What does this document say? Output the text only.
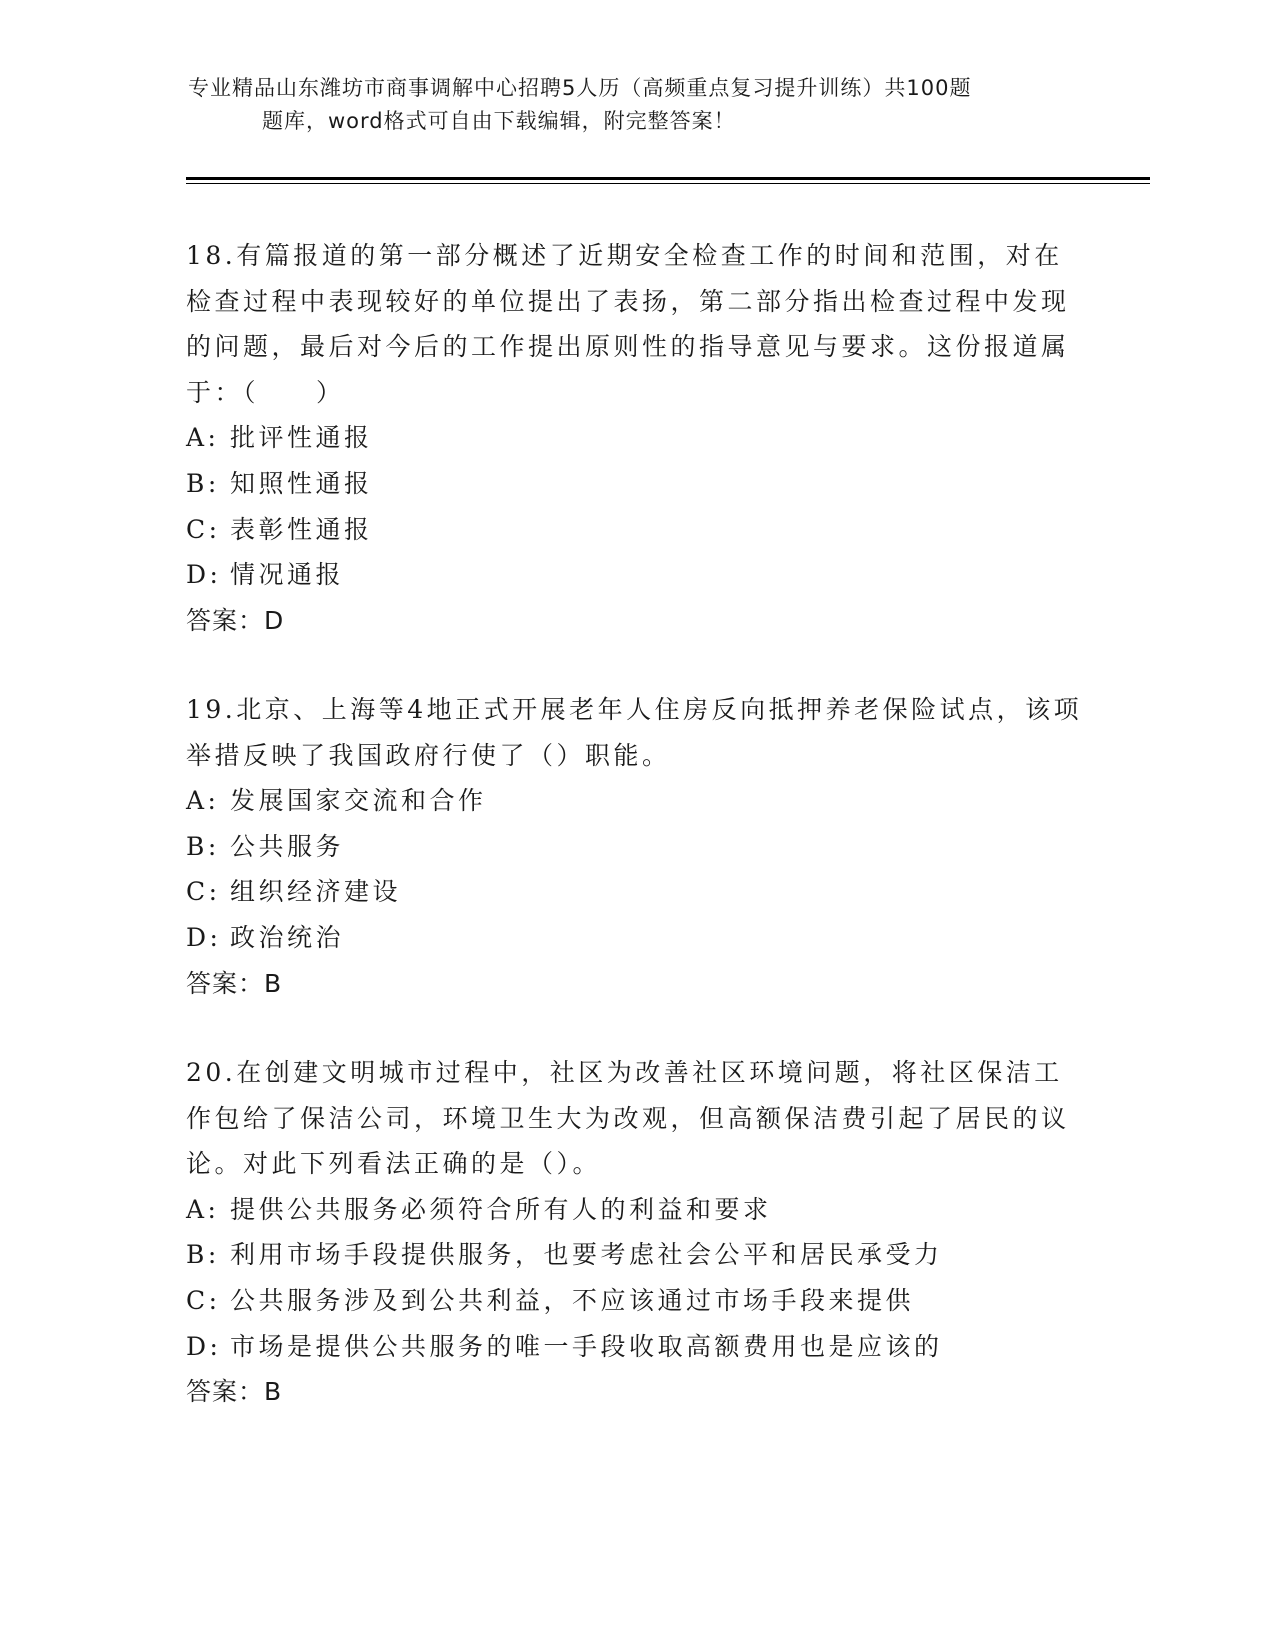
专业精品山东潍坊市商事调解中心招聘5人历（高频重点复习提升训练）共100题
题库，word格式可自由下载编辑，附完整答案！
18.有篇报道的第一部分概述了近期安全检查工作的时间和范围，对在检查过程中表现较好的单位提出了表扬，第二部分指出检查过程中发现的问题，最后对今后的工作提出原则性的指导意见与要求。这份报道属于：（　　）
A: 批评性通报
B: 知照性通报
C: 表彰性通报
D: 情况通报
答案：D
19.北京、上海等4地正式开展老年人住房反向抵押养老保险试点，该项举措反映了我国政府行使了（）职能。
A: 发展国家交流和合作
B: 公共服务
C: 组织经济建设
D: 政治统治
答案：B
20.在创建文明城市过程中，社区为改善社区环境问题，将社区保洁工作包给了保洁公司，环境卫生大为改观，但高额保洁费引起了居民的议论。对此下列看法正确的是（）。
A: 提供公共服务必须符合所有人的利益和要求
B: 利用市场手段提供服务，也要考虑社会公平和居民承受力
C: 公共服务涉及到公共利益，不应该通过市场手段来提供
D: 市场是提供公共服务的唯一手段收取高额费用也是应该的
答案：B
